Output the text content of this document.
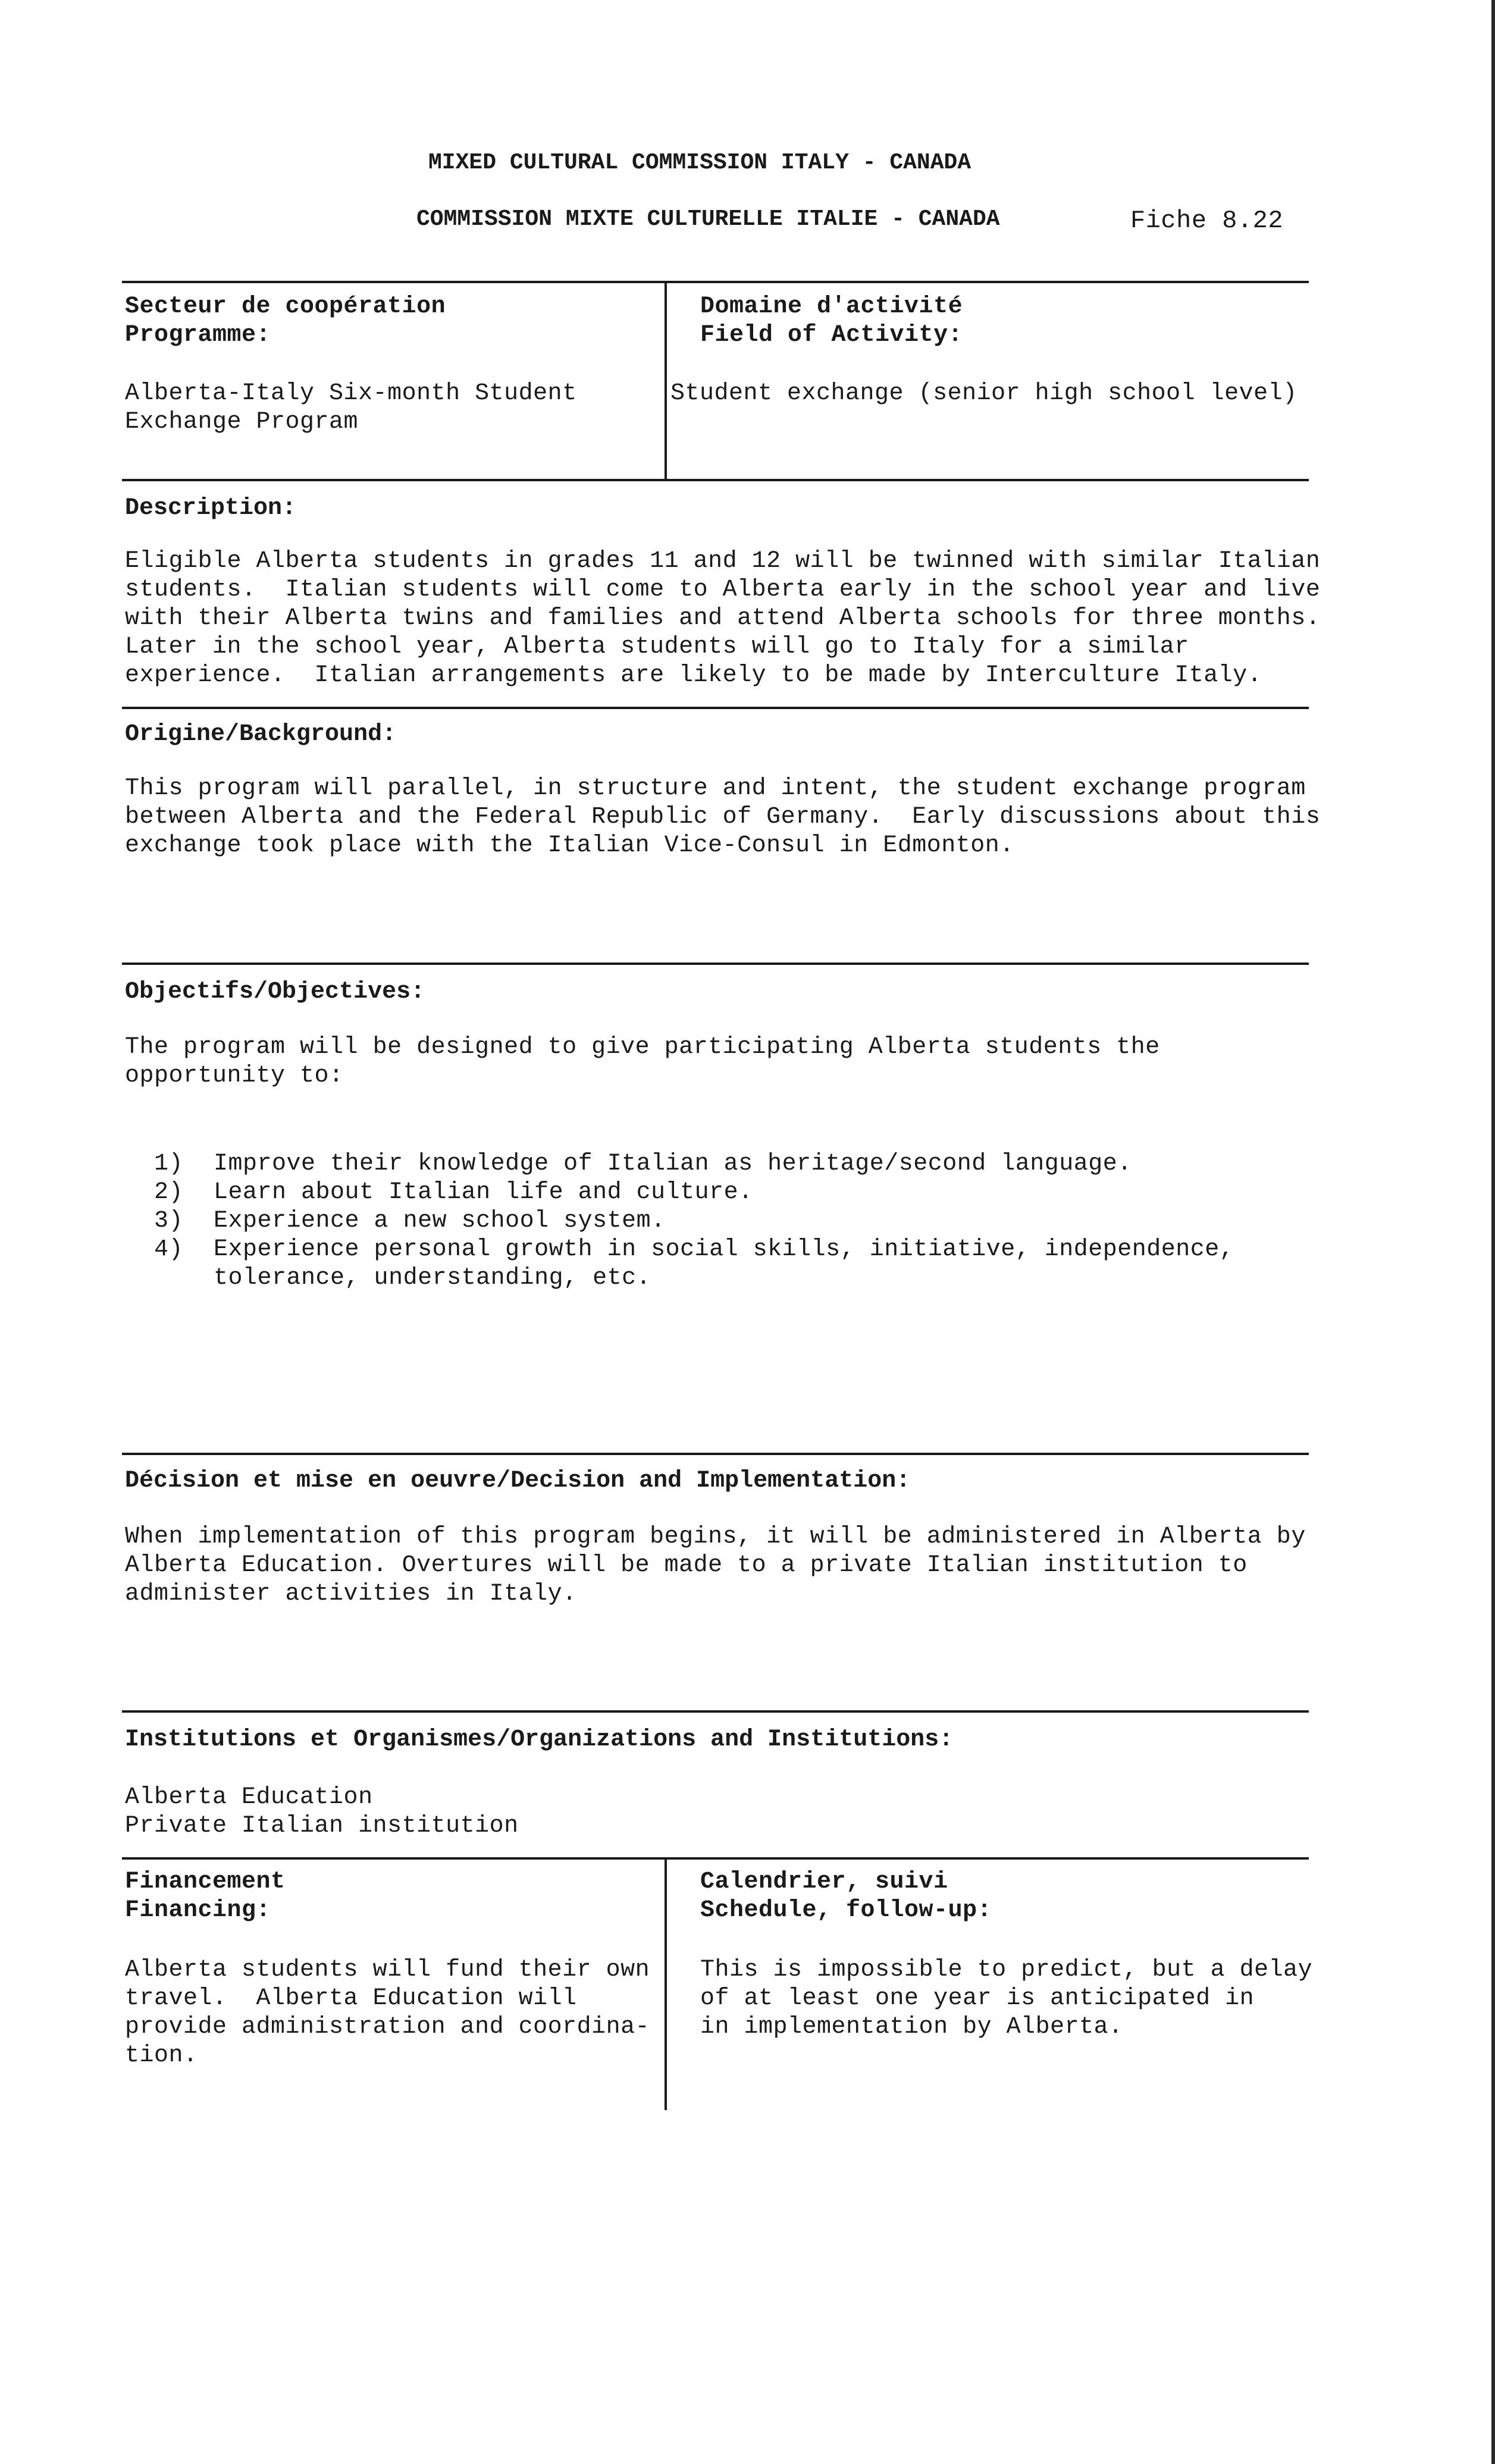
MIXED CULTURAL COMMISSION ITALY - CANADA
COMMISSION MIXTE CULTURELLE ITALIE - CANADA	Fiche 8.22
Secteur de coopération
Programme:
Alberta-Italy Six-month Student
Exchange Program
Domaine d'activité
Field of Activity:
Student exchange (senior high school level)
Description:
Eligible Alberta students in grades 11 and 12 will be twinned with similar Italian
students.  Italian students will come to Alberta early in the school year and live
with their Alberta twins and families and attend Alberta schools for three months.
Later in the school year, Alberta students will go to Italy for a similar
experience.  Italian arrangements are likely to be made by Interculture Italy.
Origine/Background:
This program will parallel, in structure and intent, the student exchange program
between Alberta and the Federal Republic of Germany.  Early discussions about this
exchange took place with the Italian Vice-Consul in Edmonton.
Objectifs/Objectives:
The program will be designed to give participating Alberta students the
opportunity to:

1) Improve their knowledge of Italian as heritage/second language.

2) Learn about Italian life and culture.

3) Experience a new school system.

4) Experience personal growth in social skills, initiative, independence,

tolerance, understanding, etc.

Décision et mise en oeuvre/Decision and Implementation:
When implementation of this program begins, it will be administered in Alberta by
Alberta Education. Overtures will be made to a private Italian institution to
administer activities in Italy.
Institutions et Organismes/Organizations and Institutions:
Alberta Education
Private Italian institution
Financement
Financing:
Alberta students will fund their own
travel.  Alberta Education will
provide administration and coordina-
tion.
Calendrier, suivi
Schedule, follow-up:
This is impossible to predict, but a delay
of at least one year is anticipated in
in implementation by Alberta.
